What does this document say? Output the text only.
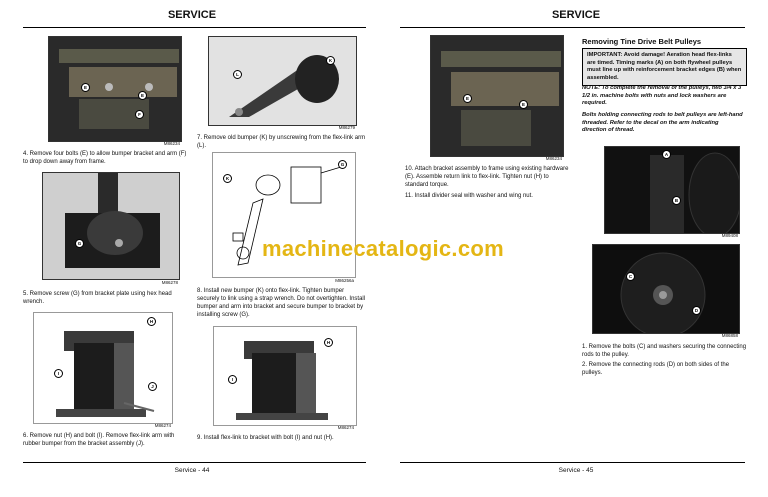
SERVICE
E
E
F
M86234
4. Remove four bolts (E) to allow bumper bracket and arm (F) to drop down away from frame.
K
L
M86279
7. Remove old bumper (K) by unscrewing from the flex-link arm (L).
G
M86278
5. Remove screw (G) from bracket plate using hex head wrench.
K
G
M86256a
8. Install new bumper (K) onto flex-link. Tighten bumper securely to link using a strap wrench. Do not overtighten. Install bumper and arm into bracket and secure bumper to bracket by installing screw (G).
H
I
J
M86274
6. Remove nut (H) and bolt (I). Remove flex-link arm with rubber bumper from the bracket assembly (J).
H
I
M86274
9. Install flex-link to bracket with bolt (I) and nut (H).
Service - 44
SERVICE
E
E
M86234
10. Attach bracket assembly to frame using existing hardware (E). Assemble return link to flex-link. Tighten nut (H) to standard torque.
11. Install divider seal with washer and wing nut.
Removing Tine Drive Belt Pulleys
IMPORTANT: Avoid damage! Aeration head flex-links are timed. Timing marks (A) on both flywheel pulleys must line up with reinforcement bracket edges (B) when assembled.
NOTE: To complete the removal of the pulleys, two 3/4 x 3 1/2 in. machine bolts with nuts and lock washers are required.
Bolts holding connecting rods to belt pulleys are left-hand threaded. Refer to the decal on the arm indicating direction of thread.
A
B
M89408
C
D
M86858
1. Remove the bolts (C) and washers securing the connecting rods to the pulley.
2. Remove the connecting rods (D) on both sides of the pulleys.
Service - 45
machinecatalogic.com
